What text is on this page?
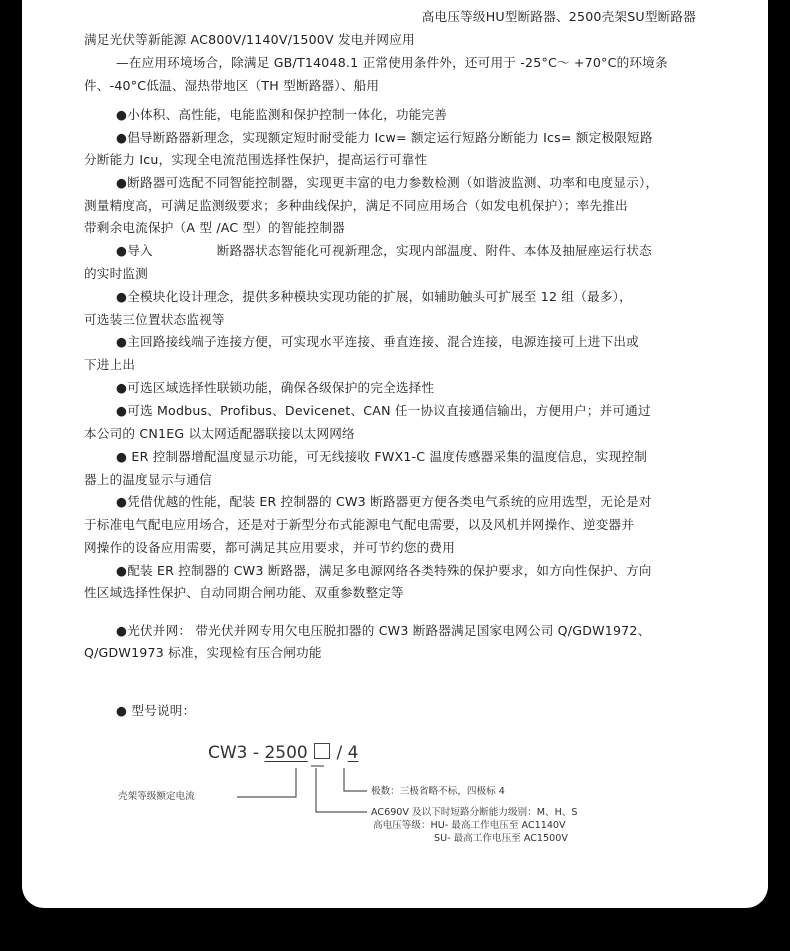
高电压等级HU型断路器、2500壳架SU型断路器
满足光伏等新能源 AC800V/1140V/1500V 发电并网应用
—在应用环境场合，除满足 GB/T14048.1 正常使用条件外，还可用于 -25°C～ +70°C的环境条
件、-40°C低温、湿热带地区（TH 型断路器）、船用
● 小体积、高性能，电能监测和保护控制一体化，功能完善
● 倡导断路器新理念，实现额定短时耐受能力 Icw= 额定运行短路分断能力 Ics= 额定极限短路
分断能力 Icu，实现全电流范围选择性保护，提高运行可靠性
● 断路器可选配不同智能控制器，实现更丰富的电力参数检测（如谐波监测、功率和电度显示），
测量精度高，可满足监测级要求；多种曲线保护，满足不同应用场合（如发电机保护）；率先推出
带剩余电流保护（A 型 /AC 型）的智能控制器
● 导入	断路器状态智能化可视新理念，实现内部温度、附件、本体及抽屉座运行状态
的实时监测
● 全模块化设计理念，提供多种模块实现功能的扩展，如辅助触头可扩展至 12 组（最多），
可选装三位置状态监视等
● 主回路接线端子连接方便，可实现水平连接、垂直连接、混合连接，电源连接可上进下出或
下进上出
● 可选区域选择性联锁功能，确保各级保护的完全选择性
● 可选 Modbus、Profibus、Devicenet、CAN 任一协议直接通信输出，方便用户；并可通过
本公司的 CN1EG 以太网适配器联接以太网网络
● ER 控制器增配温度显示功能，可无线接收 FWX1-C 温度传感器采集的温度信息，实现控制
器上的温度显示与通信
● 凭借优越的性能，配装 ER 控制器的 CW3 断路器更方便各类电气系统的应用选型，无论是对
于标准电气配电应用场合，还是对于新型分布式能源电气配电需要，以及风机并网操作、逆变器并
网操作的设备应用需要，都可满足其应用要求，并可节约您的费用
● 配装 ER 控制器的 CW3 断路器，满足多电源网络各类特殊的保护要求，如方向性保护、方向
性区域选择性保护、自动同期合闸功能、双重参数整定等
● 光伏并网： 带光伏并网专用欠电压脱扣器的 CW3 断路器满足国家电网公司 Q/GDW1972、
Q/GDW1973 标准，实现检有压合闸功能
● 型号说明：
CW3 - 2500  / 4
壳架等级额定电流	极数：三极省略不标，四极标 4
AC690V 及以下时短路分断能力级别：M、H、S
高电压等级：HU- 最高工作电压至 AC1140V
SU- 最高工作电压至 AC1500V
